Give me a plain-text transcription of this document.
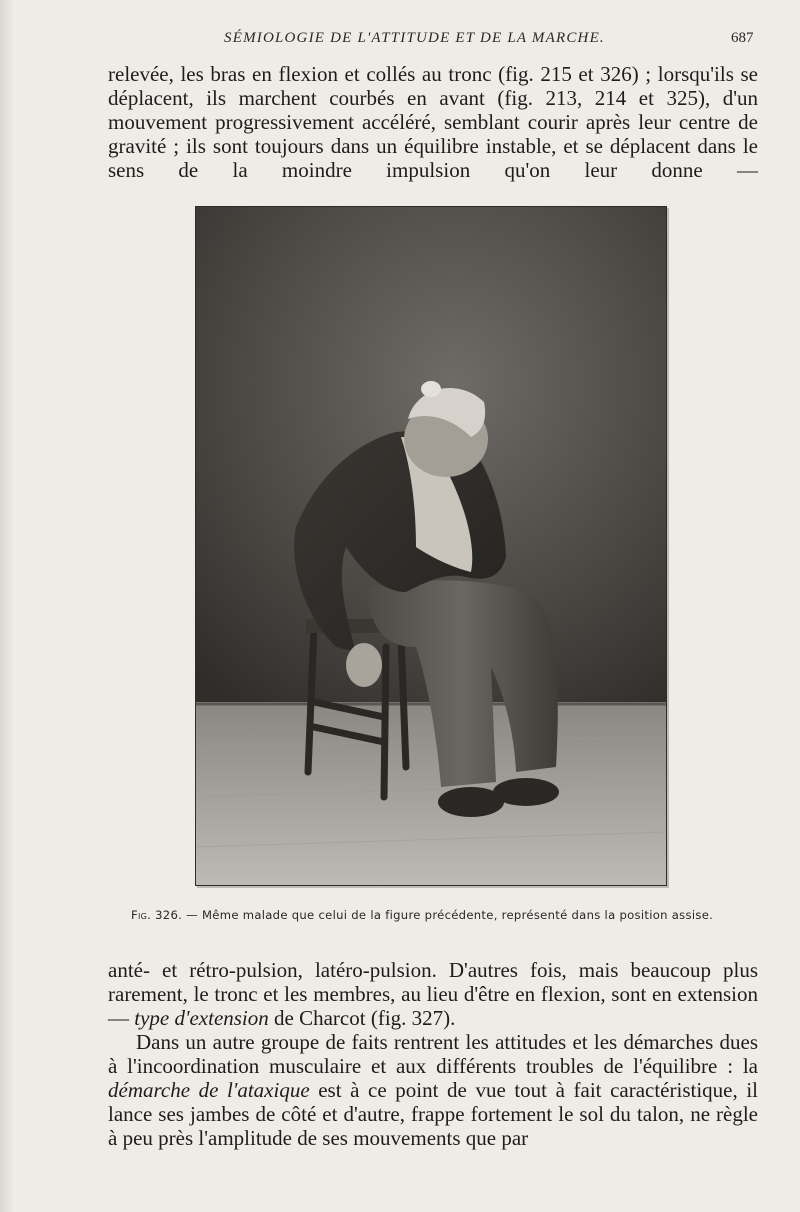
SÉMIOLOGIE DE L'ATTITUDE ET DE LA MARCHE.	687

relevée, les bras en flexion et collés au tronc (fig. 215 et 326) ; lorsqu'ils se déplacent, ils marchent courbés en avant (fig. 213, 214 et 325), d'un mouvement progressivement accéléré, semblant courir après leur centre de gravité ; ils sont toujours dans un équilibre instable, et se déplacent dans le sens de la moindre impulsion qu'on leur donne —

Fig. 326. — Même malade que celui de la figure précédente, représenté dans la position assise.

anté- et rétro-pulsion, latéro-pulsion. D'autres fois, mais beaucoup plus rarement, le tronc et les membres, au lieu d'être en flexion, sont en extension — type d'extension de Charcot (fig. 327).

Dans un autre groupe de faits rentrent les attitudes et les démarches dues à l'incoordination musculaire et aux différents troubles de l'équilibre : la démarche de l'ataxique est à ce point de vue tout à fait caractéristique, il lance ses jambes de côté et d'autre, frappe fortement le sol du talon, ne règle à peu près l'amplitude de ses mouvements que par
